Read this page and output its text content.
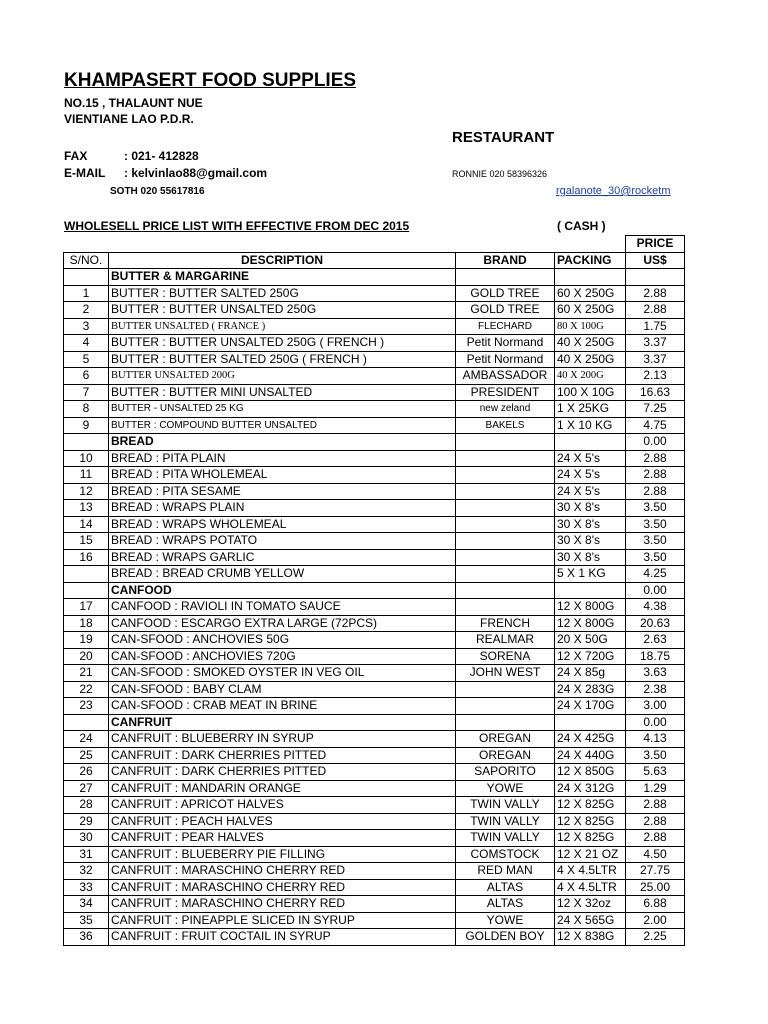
KHAMPASERT FOOD SUPPLIES
NO.15 , THALAUNT NUE
VIENTIANE LAO P.D.R.
RESTAURANT
FAX	: 021- 412828
E-MAIL : kelvinlao88@gmail.com	RONNIE 020 58396326
SOTH 020 55617816	rgalanote_30@rocketm
WHOLESELL PRICE LIST WITH EFFECTIVE FROM DEC 2015	( CASH )
				PRICE
S/NO.	DESCRIPTION	BRAND	PACKING	US$
	BUTTER & MARGARINE			
1	BUTTER : BUTTER SALTED 250G	GOLD TREE	60 X 250G	2.88
2	BUTTER : BUTTER UNSALTED 250G	GOLD TREE	60 X 250G	2.88
3	BUTTER UNSALTED ( FRANCE )	FLECHARD	80 X 100G	1.75
4	BUTTER : BUTTER UNSALTED 250G ( FRENCH )	Petit Normand	40 X 250G	3.37
5	BUTTER : BUTTER SALTED 250G ( FRENCH )	Petit Normand	40 X 250G	3.37
6	BUTTER UNSALTED 200G	AMBASSADOR	40 X 200G	2.13
7	BUTTER : BUTTER MINI UNSALTED	PRESIDENT	100 X 10G	16.63
8	BUTTER - UNSALTED 25 KG	new zeland	1 X 25KG	7.25
9	BUTTER : COMPOUND BUTTER UNSALTED	BAKELS	1 X 10 KG	4.75
	BREAD			0.00
10	BREAD : PITA PLAIN		24 X 5's	2.88
11	BREAD : PITA WHOLEMEAL		24 X 5's	2.88
12	BREAD : PITA SESAME		24 X 5's	2.88
13	BREAD : WRAPS PLAIN		30 X 8's	3.50
14	BREAD : WRAPS WHOLEMEAL		30 X 8's	3.50
15	BREAD : WRAPS POTATO		30 X 8's	3.50
16	BREAD : WRAPS GARLIC		30 X 8's	3.50
	BREAD : BREAD CRUMB YELLOW		5 X 1 KG	4.25
	CANFOOD			0.00
17	CANFOOD : RAVIOLI IN TOMATO SAUCE		12 X 800G	4.38
18	CANFOOD : ESCARGO EXTRA LARGE (72PCS)	FRENCH	12 X 800G	20.63
19	CAN-SFOOD : ANCHOVIES 50G	REALMAR	20 X 50G	2.63
20	CAN-SFOOD : ANCHOVIES 720G	SORENA	12 X 720G	18.75
21	CAN-SFOOD : SMOKED OYSTER IN VEG OIL	JOHN WEST	24 X 85g	3.63
22	CAN-SFOOD : BABY CLAM		24 X 283G	2.38
23	CAN-SFOOD : CRAB MEAT IN BRINE		24 X 170G	3.00
	CANFRUIT			0.00
24	CANFRUIT : BLUEBERRY IN SYRUP	OREGAN	24 X 425G	4.13
25	CANFRUIT : DARK CHERRIES PITTED	OREGAN	24 X 440G	3.50
26	CANFRUIT : DARK CHERRIES PITTED	SAPORITO	12 X 850G	5.63
27	CANFRUIT : MANDARIN ORANGE	YOWE	24 X 312G	1.29
28	CANFRUIT : APRICOT HALVES	TWIN VALLY	12 X 825G	2.88
29	CANFRUIT : PEACH HALVES	TWIN VALLY	12 X 825G	2.88
30	CANFRUIT : PEAR HALVES	TWIN VALLY	12 X 825G	2.88
31	CANFRUIT : BLUEBERRY PIE FILLING	COMSTOCK	12 X 21 OZ	4.50
32	CANFRUIT : MARASCHINO CHERRY RED	RED MAN	4 X 4.5LTR	27.75
33	CANFRUIT : MARASCHINO CHERRY RED	ALTAS	4 X 4.5LTR	25.00
34	CANFRUIT : MARASCHINO CHERRY RED	ALTAS	12 X 32oz	6.88
35	CANFRUIT : PINEAPPLE SLICED IN SYRUP	YOWE	24 X 565G	2.00
36	CANFRUIT : FRUIT COCTAIL IN SYRUP	GOLDEN BOY	12 X 838G	2.25
